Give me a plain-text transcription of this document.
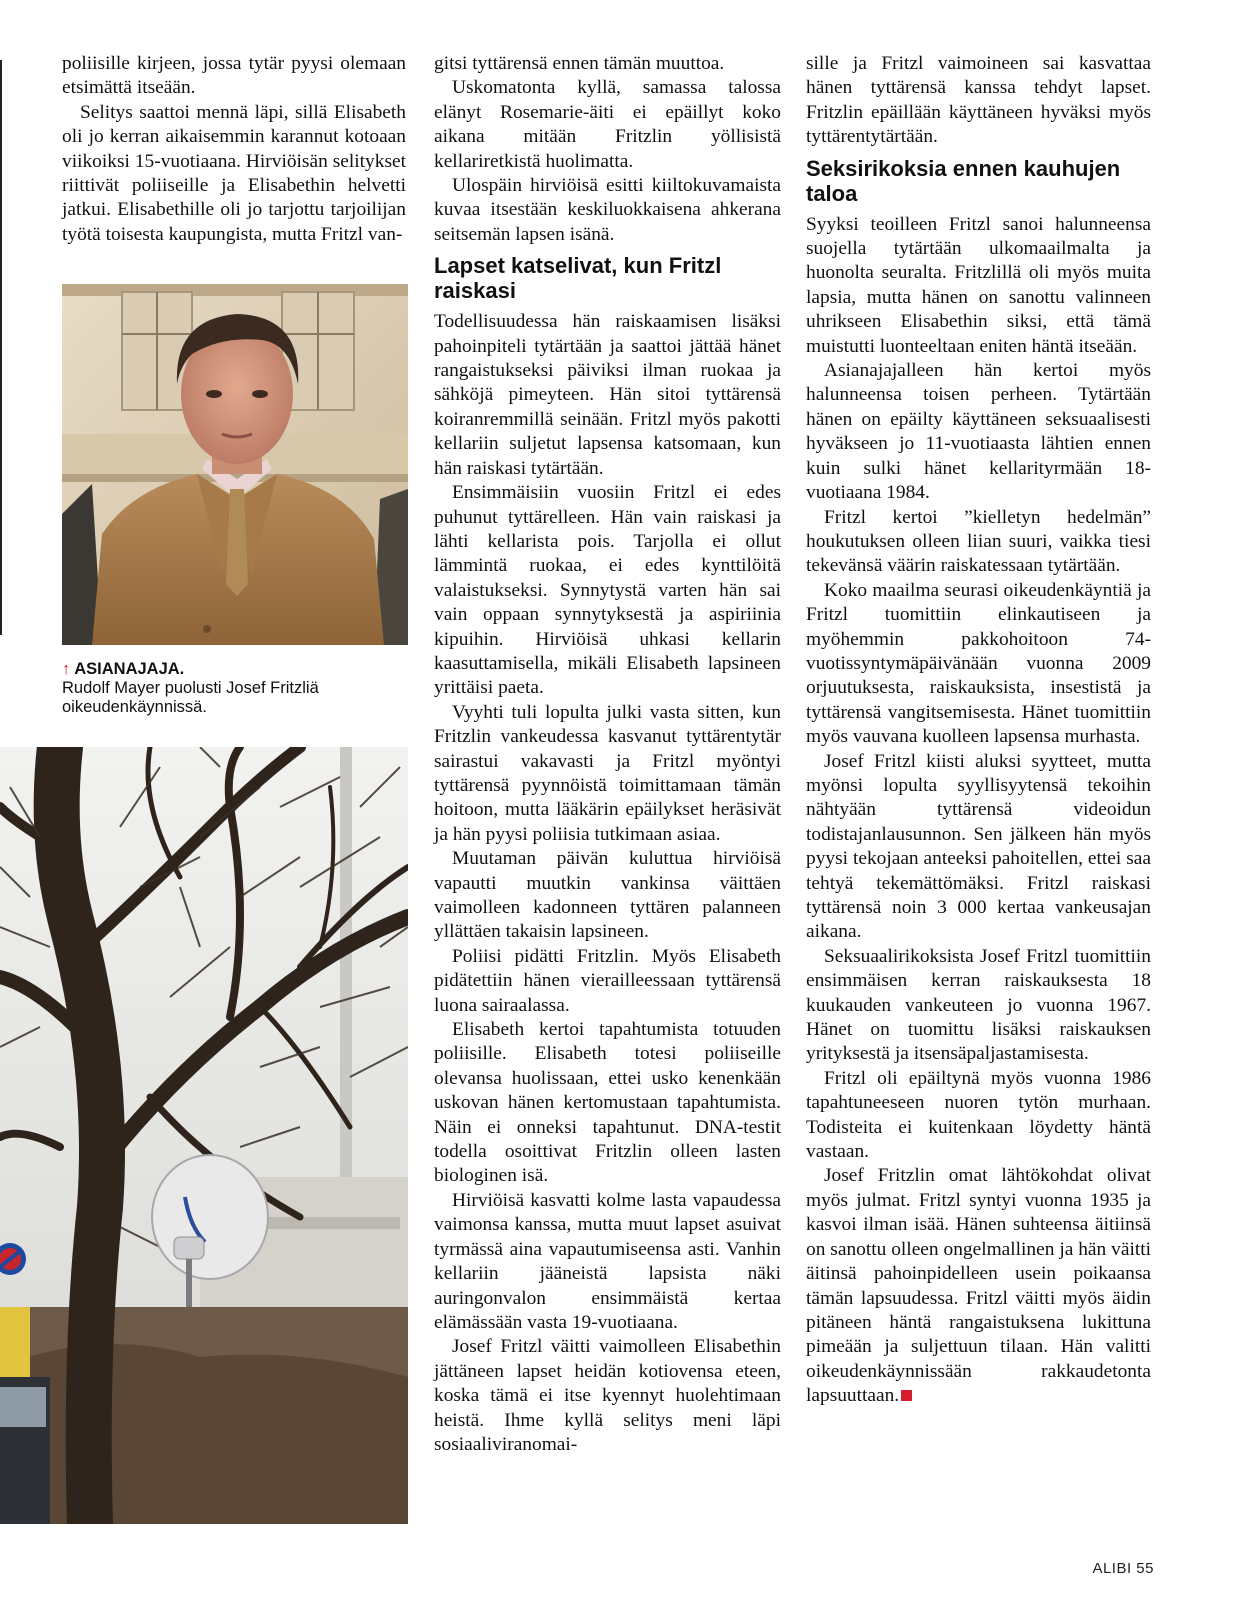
poliisille kirjeen, jossa tytär pyysi olemaan etsimättä itseään.

Selitys saattoi mennä läpi, sillä Elisabeth oli jo kerran aikaisemmin karannut kotoaan viikoiksi 15-vuotiaana. Hirviöisän selitykset riittivät poliiseille ja Elisabethin helvetti jatkui. Elisabethille oli jo tarjottu tarjoilijan työtä toisesta kaupungista, mutta Fritzl van-

↑ ASIANAJAJA.
Rudolf Mayer puolusti Josef Fritzliä oikeudenkäynnissä.

gitsi tyttärensä ennen tämän muuttoa.

Uskomatonta kyllä, samassa talossa elänyt Rosemarie-äiti ei epäillyt koko aikana mitään Fritzlin yöllisistä kellariretkistä huolimatta.

Ulospäin hirviöisä esitti kiiltokuvamaista kuvaa itsestään keskiluokkaisena ahkerana seitsemän lapsen isänä.

Lapset katselivat, kun Fritzl raiskasi

Todellisuudessa hän raiskaamisen lisäksi pahoinpiteli tytärtään ja saattoi jättää hänet rangaistukseksi päiviksi ilman ruokaa ja sähköjä pimeyteen. Hän sitoi tyttärensä koiranremmillä seinään. Fritzl myös pakotti kellariin suljetut lapsensa katsomaan, kun hän raiskasi tytärtään.

Ensimmäisiin vuosiin Fritzl ei edes puhunut tyttärelleen. Hän vain raiskasi ja lähti kellarista pois. Tarjolla ei ollut lämmintä ruokaa, ei edes kynttilöitä valaistukseksi. Synnytystä varten hän sai vain oppaan synnytyksestä ja aspiriinia kipuihin. Hirviöisä uhkasi kellarin kaasuttamisella, mikäli Elisabeth lapsineen yrittäisi paeta.

Vyyhti tuli lopulta julki vasta sitten, kun Fritzlin vankeudessa kasvanut tyttärentytär sairastui vakavasti ja Fritzl myöntyi tyttärensä pyynnöistä toimittamaan tämän hoitoon, mutta lääkärin epäilykset heräsivät ja hän pyysi poliisia tutkimaan asiaa.

Muutaman päivän kuluttua hirviöisä vapautti muutkin vankinsa väittäen vaimolleen kadonneen tyttären palanneen yllättäen takaisin lapsineen.

Poliisi pidätti Fritzlin. Myös Elisabeth pidätettiin hänen vierailleessaan tyttärensä luona sairaalassa.

Elisabeth kertoi tapahtumista totuuden poliisille. Elisabeth totesi poliiseille olevansa huolissaan, ettei usko kenenkään uskovan hänen kertomustaan tapahtumista. Näin ei onneksi tapahtunut. DNA-testit todella osoittivat Fritzlin olleen lasten biologinen isä.

Hirviöisä kasvatti kolme lasta vapaudessa vaimonsa kanssa, mutta muut lapset asuivat tyrmässä aina vapautumiseensa asti. Vanhin kellariin jääneistä lapsista näki auringonvalon ensimmäistä kertaa elämässään vasta 19-vuotiaana.

Josef Fritzl väitti vaimolleen Elisabethin jättäneen lapset heidän kotiovensa eteen, koska tämä ei itse kyennyt huolehtimaan heistä. Ihme kyllä selitys meni läpi sosiaaliviranomai-

sille ja Fritzl vaimoineen sai kasvattaa hänen tyttärensä kanssa tehdyt lapset. Fritzlin epäillään käyttäneen hyväksi myös tyttärentytärtään.

Seksirikoksia ennen kauhujen taloa

Syyksi teoilleen Fritzl sanoi halunneensa suojella tytärtään ulkomaailmalta ja huonolta seuralta. Fritzlillä oli myös muita lapsia, mutta hänen on sanottu valinneen uhrikseen Elisabethin siksi, että tämä muistutti luonteeltaan eniten häntä itseään.

Asianajajalleen hän kertoi myös halunneensa toisen perheen. Tytärtään hänen on epäilty käyttäneen seksuaalisesti hyväkseen jo 11-vuotiaasta lähtien ennen kuin sulki hänet kellarityrmään 18-vuotiaana 1984.

Fritzl kertoi ”kielletyn hedelmän” houkutuksen olleen liian suuri, vaikka tiesi tekevänsä väärin raiskatessaan tytärtään.

Koko maailma seurasi oikeudenkäyntiä ja Fritzl tuomittiin elinkautiseen ja myöhemmin pakkohoitoon 74-vuotissyntymäpäivänään vuonna 2009 orjuutuksesta, raiskauksista, insestistä ja tyttärensä vangitsemisesta. Hänet tuomittiin myös vauvana kuolleen lapsensa murhasta.

Josef Fritzl kiisti aluksi syytteet, mutta myönsi lopulta syyllisyytensä tekoihin nähtyään tyttärensä videoidun todistajanlausunnon. Sen jälkeen hän myös pyysi tekojaan anteeksi pahoitellen, ettei saa tehtyä tekemättömäksi. Fritzl raiskasi tyttärensä noin 3 000 kertaa vankeusajan aikana.

Seksuaalirikoksista Josef Fritzl tuomittiin ensimmäisen kerran raiskauksesta 18 kuukauden vankeuteen jo vuonna 1967. Hänet on tuomittu lisäksi raiskauksen yrityksestä ja itsensäpaljastamisesta.

Fritzl oli epäiltynä myös vuonna 1986 tapahtuneeseen nuoren tytön murhaan. Todisteita ei kuitenkaan löydetty häntä vastaan.

Josef Fritzlin omat lähtökohdat olivat myös julmat. Fritzl syntyi vuonna 1935 ja kasvoi ilman isää. Hänen suhteensa äitiinsä on sanottu olleen ongelmallinen ja hän väitti äitinsä pahoinpidelleen usein poikaansa tämän lapsuudessa. Fritzl väitti myös äidin pitäneen häntä rangaistuksena lukittuna pimeään ja suljettuun tilaan. Hän valitti oikeudenkäynnissään rakkaudetonta lapsuuttaan.

ALIBI 55
